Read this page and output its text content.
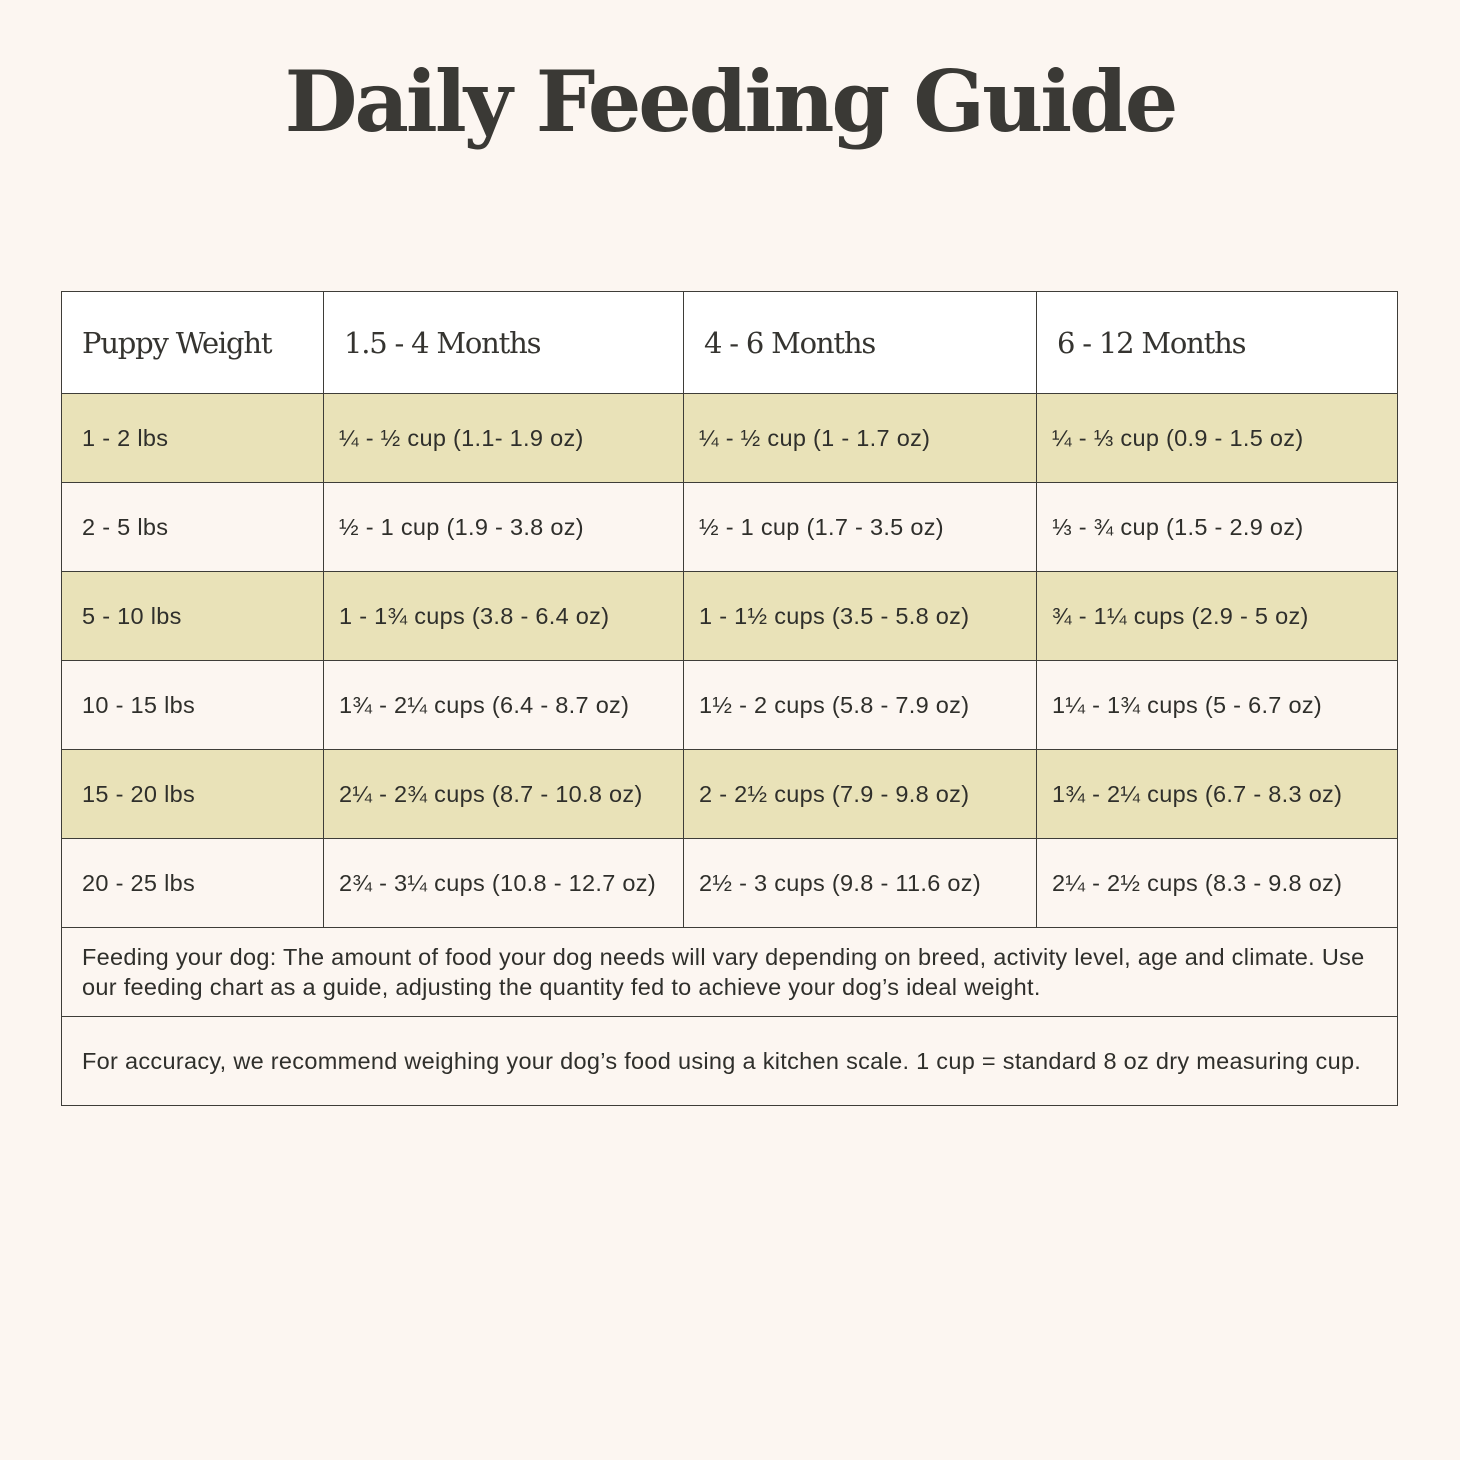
Daily Feeding Guide
Puppy Weight	1.5 - 4 Months	4 - 6 Months	6 - 12 Months
1 - 2 lbs	¼ - ½ cup (1.1- 1.9 oz)	¼ - ½ cup (1 - 1.7 oz)	¼ - ⅓ cup (0.9 - 1.5 oz)
2 - 5 lbs	½ - 1 cup (1.9 - 3.8 oz)	½ - 1 cup (1.7 - 3.5 oz)	⅓ - ¾ cup (1.5 - 2.9 oz)
5 - 10 lbs	1 - 1¾ cups (3.8 - 6.4 oz)	1 - 1½ cups (3.5 - 5.8 oz)	¾ - 1¼ cups (2.9 - 5 oz)
10 - 15 lbs	1¾ - 2¼ cups (6.4 - 8.7 oz)	1½ - 2 cups (5.8 - 7.9 oz)	1¼ - 1¾ cups (5 - 6.7 oz)
15 - 20 lbs	2¼ - 2¾ cups (8.7 - 10.8 oz)	2 - 2½ cups (7.9 - 9.8 oz)	1¾ - 2¼ cups (6.7 - 8.3 oz)
20 - 25 lbs	2¾ - 3¼ cups (10.8 - 12.7 oz)	2½ - 3 cups (9.8 - 11.6 oz)	2¼ - 2½ cups (8.3 - 9.8 oz)
Feeding your dog: The amount of food your dog needs will vary depending on breed, activity level, age and climate. Use our feeding chart as a guide, adjusting the quantity fed to achieve your dog’s ideal weight.			
For accuracy, we recommend weighing your dog’s food using a kitchen scale. 1 cup = standard 8 oz dry measuring cup.			
